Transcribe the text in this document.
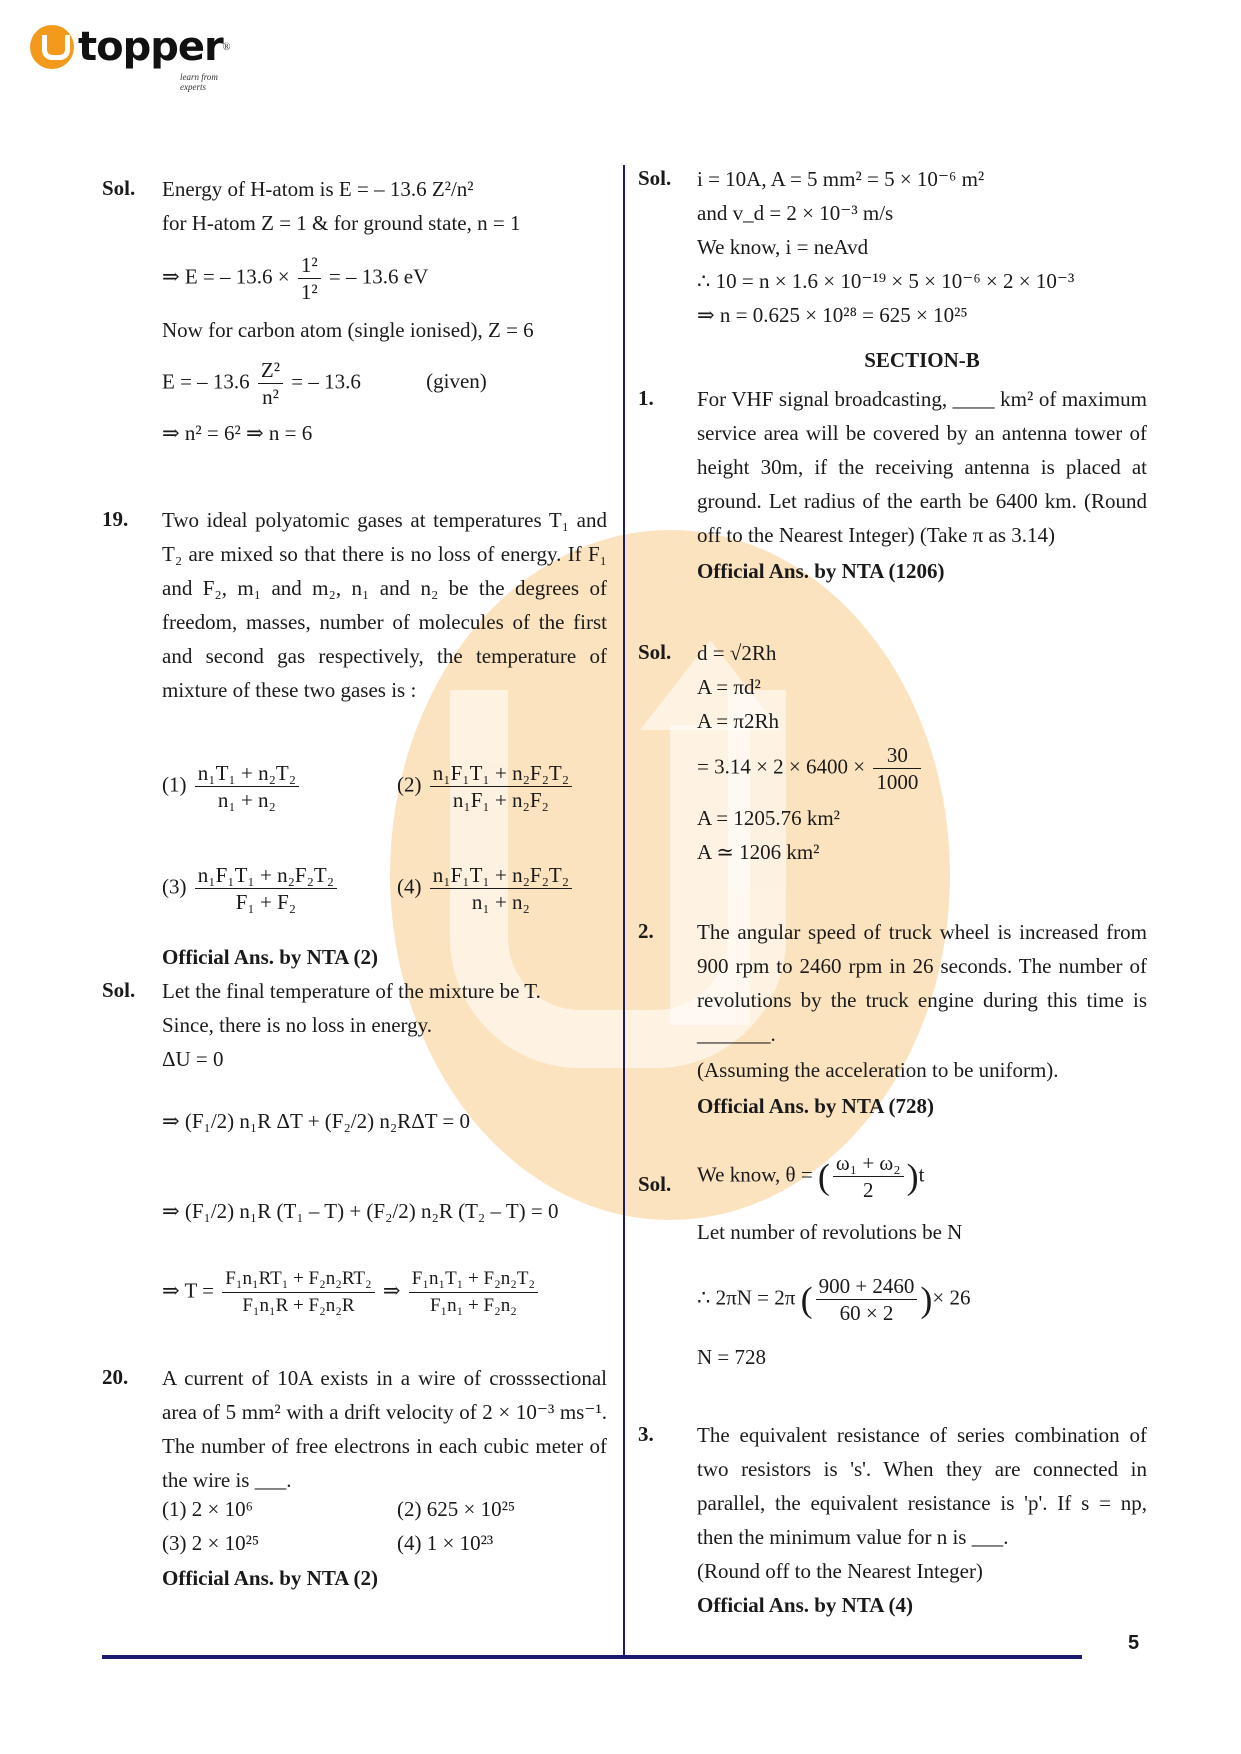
topper ®
learn from experts
Sol. Energy of H-atom is E = – 13.6 Z²/n²

for H-atom Z = 1 & for ground state, n = 1

⇒ E = – $13.6 \times \frac{\text{1²}}{\text{1²}}$ = – 13.6 eV

Now for carbon atom (single ionised), Z = 6

E = – $13.6 \frac{\text{Z²}}{\text{n²}}$ = – 13.6	(given)

⇒ n² = 6² ⇒ n = 6

19. Two ideal polyatomic gases at temperatures T₁ and T₂ are mixed so that there is no loss of energy. If F₁ and F₂, m₁ and m₂, n₁ and n₂ be the degrees of freedom, masses, number of molecules of the first and second gas respectively, the temperature of mixture of these two gases is :

$(1) \frac{\text{n₁T₁ + n₂T₂}}{\text{n₁ + n₂}}$	$(2) \frac{\text{n₁F₁T₁ + n₂F₂T₂}}{\text{n₁F₁ + n₂F₂}}$
$(3) \frac{\text{n₁F₁T₁ + n₂F₂T₂}}{\text{F₁ + F₂}}$	$(4) \frac{\text{n₁F₁T₁ + n₂F₂T₂}}{\text{n₁ + n₂}}$
Official Ans. by NTA (2)
Sol. Let the final temperature of the mixture be T.

Since, there is no loss in energy.

ΔU = 0

⇒ (F₁/2) n₁R ΔT + (F₂/2) n₂RΔT = 0

⇒ (F₁/2) n₁R (T₁ – T) + (F₂/2) n₂R (T₂ – T) = 0

⇒ $T = \frac{\text{F₁n₁RT₁ + F₂n₂RT₂}}{\text{F₁n₁R + F₂n₂R}}$ ⇒ $\frac{\text{F₁n₁T₁ + F₂n₂T₂}}{\text{F₁n₁ + F₂n₂}}$

20. A current of 10A exists in a wire of crosssectional area of 5 mm² with a drift velocity of 2 × 10⁻³ ms⁻¹. The number of free electrons in each cubic meter of the wire is ___.

(1) 2 × 10⁶	(2) 625 × 10²⁵
(3) 2 × 10²⁵	(4) 1 × 10²³
Official Ans. by NTA (2)
Sol. i = 10A, A = 5 mm² = 5 × 10⁻⁶ m²

and v_d = 2 × 10⁻³ m/s

We know, i = neAvd

∴ 10 = n × 1.6 × 10⁻¹⁹ × 5 × 10⁻⁶ × 2 × 10⁻³

⇒ n = 0.625 × 10²⁸ = 625 × 10²⁵

SECTION-B
1. For VHF signal broadcasting, ____ km² of maximum service area will be covered by an antenna tower of height 30m, if the receiving antenna is placed at ground. Let radius of the earth be 6400 km. (Round off to the Nearest Integer) (Take π as 3.14)

Official Ans. by NTA (1206)

Sol. d = √2Rh

A = πd²

A = π2Rh

= $3.14 \times 2 \times 6400 \times \frac{30}{1000}$

A = 1205.76 km²

A ≃ 1206 km²

2. The angular speed of truck wheel is increased from 900 rpm to 2460 rpm in 26 seconds. The number of revolutions by the truck engine during this time is _______.

(Assuming the acceleration to be uniform).

Official Ans. by NTA (728)

Sol. We know, θ = ( $\frac{\text{ω₁ + ω₂}}{2} )t$

Let number of revolutions be N

∴ 2πN = 2π ( $\frac{900 + 2460}{60 \times 2}$ )× 26

N = 728

3. The equivalent resistance of series combination of two resistors is 's'. When they are connected in parallel, the equivalent resistance is 'p'. If s = np, then the minimum value for n is ___.

(Round off to the Nearest Integer)

Official Ans. by NTA (4)

5
